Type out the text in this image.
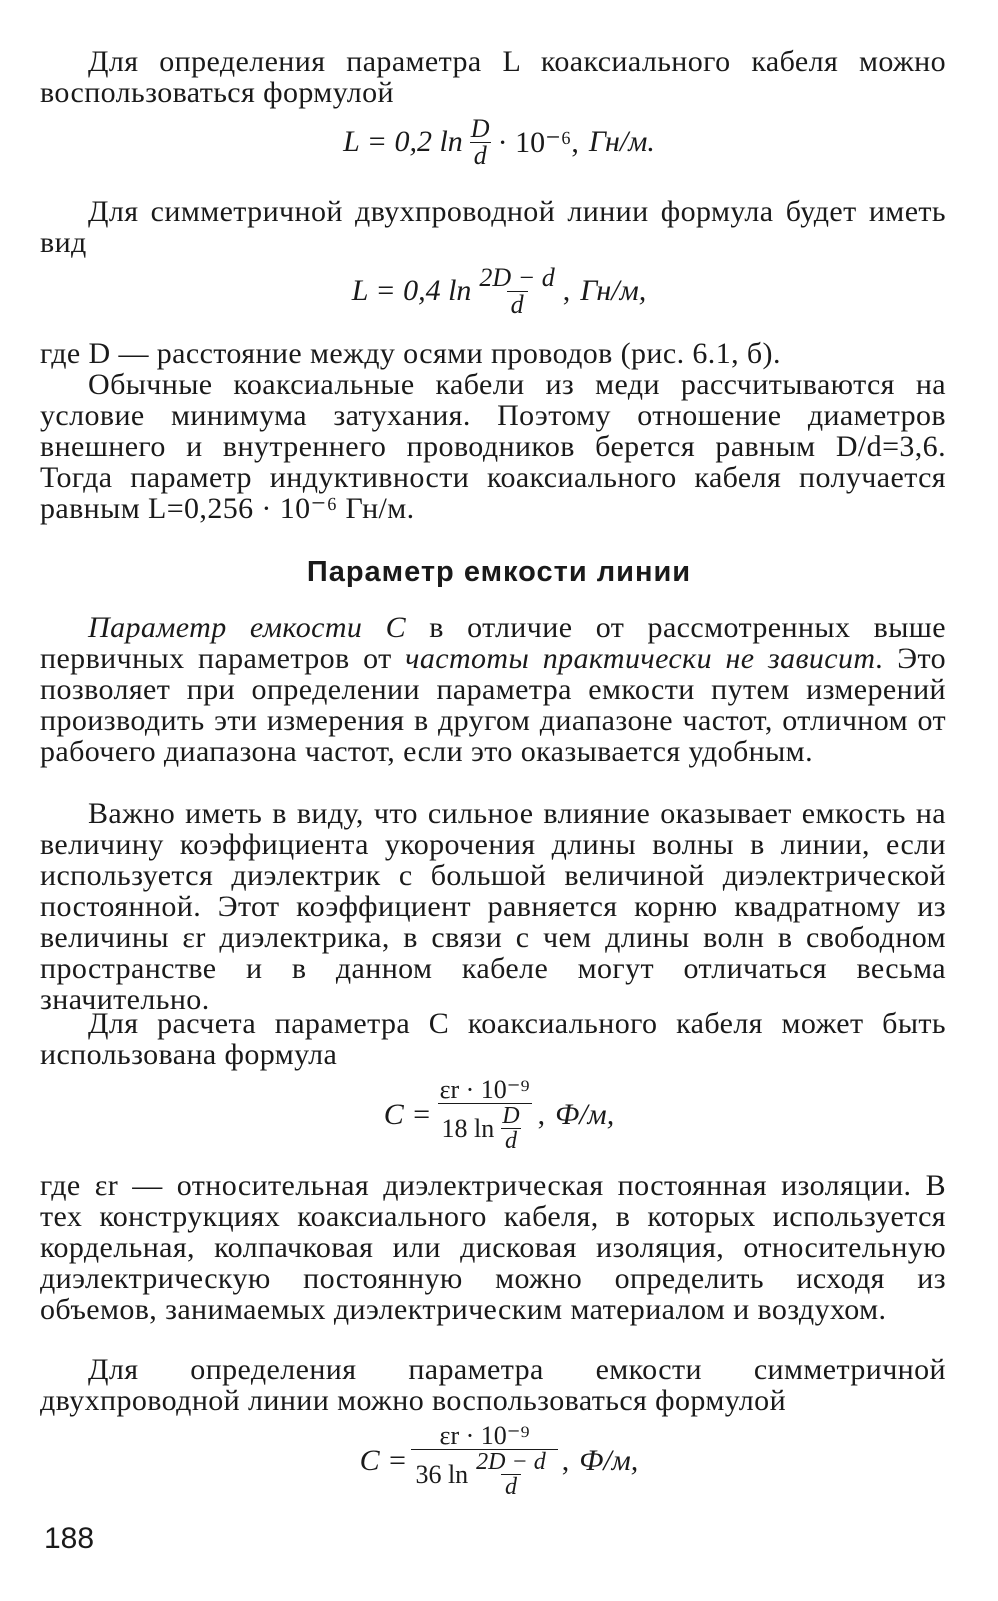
Для определения параметра L коаксиального кабеля можно воспользоваться формулой

L = 0,2 $\ln \frac{D}{d} \cdot 10^{-6}$, Гн/м.

Для симметричной двухпроводной линии формула будет иметь вид

L = 0,4 $\ln \frac{2D - d}{d}$ , Гн/м,

где D — расстояние между осями проводов (рис. 6.1, б).

Обычные коаксиальные кабели из меди рассчитываются на условие минимума затухания. Поэтому отношение диаметров внешнего и внутреннего проводников берется равным D/d=3,6. Тогда параметр индуктивности коаксиального кабеля получается равным L=0,256 · 10⁻⁶ Гн/м.

Параметр емкости линии

Параметр емкости C в отличие от рассмотренных выше первичных параметров от частоты практически не зависит. Это позволяет при определении параметра емкости путем измерений производить эти измерения в другом диапазоне частот, отличном от рабочего диапазона частот, если это оказывается удобным.

Важно иметь в виду, что сильное влияние оказывает емкость на величину коэффициента укорочения длины волны в линии, если используется диэлектрик с большой величиной диэлектрической постоянной. Этот коэффициент равняется корню квадратному из величины εr диэлектрика, в связи с чем длины волн в свободном пространстве и в данном кабеле могут отличаться весьма значительно.

Для расчета параметра C коаксиального кабеля может быть использована формула

$C = \frac{\text{εr · 10⁻⁹}}{18 \ln \frac{D}{d}}$ , Ф/м,

где εr — относительная диэлектрическая постоянная изоляции. В тех конструкциях коаксиального кабеля, в которых используется кордельная, колпачковая или дисковая изоляция, относительную диэлектрическую постоянную можно определить исходя из объемов, занимаемых диэлектрическим материалом и воздухом.

Для определения параметра емкости симметричной двухпроводной линии можно воспользоваться формулой

$C = \frac{\text{εr · 10⁻⁹}}{36 \ln \frac{2D - d}{d}}$ , Ф/м,
188
